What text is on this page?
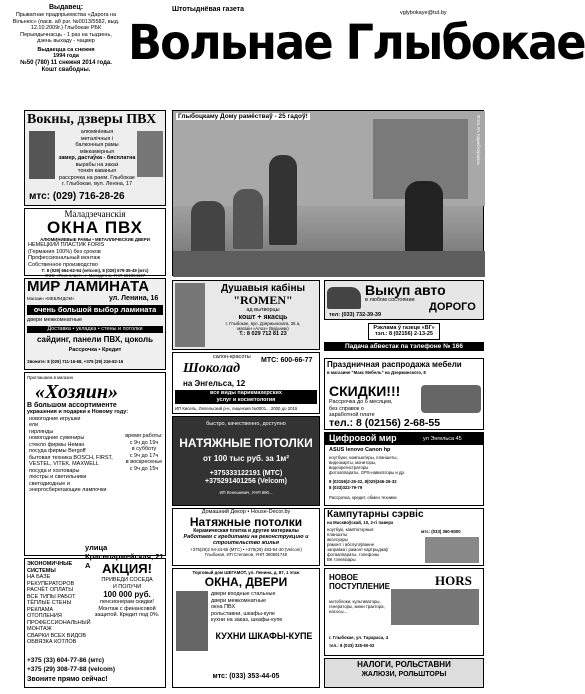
Выдавец:
Прыватнае прадпрыемства «Дарога на
Вільнюс» (пасв. аб рэг. №0013/5582, выд.
12.10.2009г.) Глыбокае РБК
Перыядычнасць - 1 раз на тыдзень,
дзень выхаду - чацвер
Выдаецца са снежня
1994 года
№50 (780) 11 снежня 2014 года.
Кошт свабодны.
Штотыднёвая газета	vglybokaye@tut.by
Вольнае Глыбокае
Вокны, дзверы ПВХ
алюмініевыя
металічныя i
балконныя рамы
міжкамерныя
замер, дастаўка - бясплатна
вырабы на заказ
тонкія каваныя
рассрочка на раем. Глыбокае
г. Глыбокае, вул. Леніна, 17
мтс: (029) 716-28-26
Маладзечанскія
ОКНА ПВХ
АЛЮМИНИЕВЫЕ РАМЫ • МЕТАЛЛИЧЕСКИЕ ДВЕРИ
НЕМЕЦКИЙ ПЛАСТИК FORIS
(Германия 100%) без сроков
Профессиональный монтаж
Собственное производство
Т: 8 (029) 664-62-94 (velcom), 8 (029) 679-35-49 (мтс)
ООО «Рекс-пласт», г. Молодечно, УНП 691064197
МИР ЛАМИНАТА
Магазин «МЕБЛИДОМ»	ул. Ленина, 16
очень большой выбор ламината
двери межкомнатные
Доставка • укладка • стены и потолки
сайдинг, панели ПВХ, цоколь
Рассрочка • Кредит
Звоните: 8 (029) 711-16-68, +375 (29) 216-82-16
Приглашаем в магазин
«Хозяин»
В большом ассортименте
украшения и подарки к Новому году:
новогодние игрушки
ели
гирлянды
новогодние сувениры
стекло фирмы Неман
посуда фирмы Bergoff
бытовая техника BOSCH, FIRST, VESTEL, VITEK, MAXWELL
посуда и хозтовары
люстры и светильники
светодиодные и энергосберегающие лампочки
время работы:
с 9ч до 19ч
в субботу
с 9ч до 17ч
в воскресенье
с 9ч до 15ч
улица Красноармейская, 21 А
ЭКОНОМИЧНЫЕ СИСТЕМЫ
НА БАЗЕ РЕКУПЕРАТОРОВ
РАСЧЁТ ОПЛАТЫ
ВСЕ ТИПЫ РАБОТ
ТЁПЛЫЕ СТЕНЫ
РЕКЛАМА ОТОПЛЕНИЯ
ПРОФЕССИОНАЛЬНЫЙ МОНТАЖ
СВАРКИ ВСЕХ ВИДОВ
ОБВЯЗКА КОТЛОВ
АКЦИЯ!
ПРИВЕДИ СОСЕДА
И ПОЛУЧИ
100 000 руб.
пенсионерам скидки!
Монтаж с финансовой защитой. Кредит под 0%.
+375 (33) 604-77-86 (мтс)
+375 (29) 308-77-88 (velcom)
Звоните прямо сейчас!
Глыбоцкаму Дому рамёстваў - 25 гадоў!	Фота Ул. Карабчэўскага
Душавыя кабіны
"ROMEN"
ад вытворцы
кошт + якасць
г. Глыбокае, вул. Дзяржынскага, 35 а,
магазін «Алоэ» (Будынак)
Т.: 8 029 712 81 23
салон-красоты
Шоколад
МТС: 600-66-77
на Энгельса, 12
все виды парикмахерских
услуг и косметология
ИП Кисель, Лепельский р-н, лицензия №0001... 2000 до 2015
быстро, качественно, доступно
НАТЯЖНЫЕ ПОТОЛКИ
от 100 тыс руб. за 1м²
+375333122191 (МТС)
+375291401256 (Velcom)
ИП Кенешевич, УНП 690...
Выкуп авто
в любом состоянии
ДОРОГО
тел: (033) 732-39-39
Рэклама ў газеце «ВГ»
тэл.: 8 (02156) 2-13-25
Падача абвестак па тэлефоне № 166
Праздничная распродажа мебели
в магазине "Макс Мебель" на Дзержинского, 8
СКИДКИ!!!
Рассрочка до 6 месяцев,
без справок о
заработной плате
тел.: 8 (02156) 2-68-55
Цифровой мир	ул Энгельса 45
ASUS lenovo Canon hp
ноутбуки, компьютеры, планшеты,
видеокарты, мониторы,
видеорегистраторы
фотоаппараты, GPS-навигаторы и др.
8 (02156)2-26-32, 8(029)346-26-32
8 (033)322-79-79
Рассрочка, кредит, обмен техники
Домашний Декор • House-Decor.by
Натяжные потолки
Керамическая плитка и другие материалы
Работаем с кредитами на реконструкцию и строительство жилья
+375(29)2 94-34-55 (МТС) • +375(29) 483-94-30 (Velcom)
Глыбокая, ИП Степанов, УНП 390591748
Кампутарны сэрвіс
на Масквоўскай, 10, 2-гі паверх
ноутбукі, камп'ютэрныя
планшэты
аксесуары
рамонт і абслугоўванне
заправка і рамонт картрыджаў
фотааппараты, тэлефоны
ВК тэлевізары
мтс: (033) 360-8000
Торговый дом ШЕГАМОТ, ул. Ленина, д. 87, 1 этаж
ОКНА, ДВЕРИ
двери входные стальные
двери межкомнатные
окна ПВХ
рольставни, шкафы-купе
кухни на заказ, шкафы-купе
КУХНИ ШКАФЫ-КУПЕ
мтс: (033) 353-44-05
НОВОЕ ПОСТУПЛЕНИЕ	HORS
мотоблоки, культиваторы,
генераторы, мини трактора,
насосы...
г. Глыбокае, ул. Тарараса, 4
тел.: 8 (033) 325-60-02
НАЛОГИ, РОЛЬСТАВНИ
ЖАЛЮЗИ, РОЛЬШТОРЫ
